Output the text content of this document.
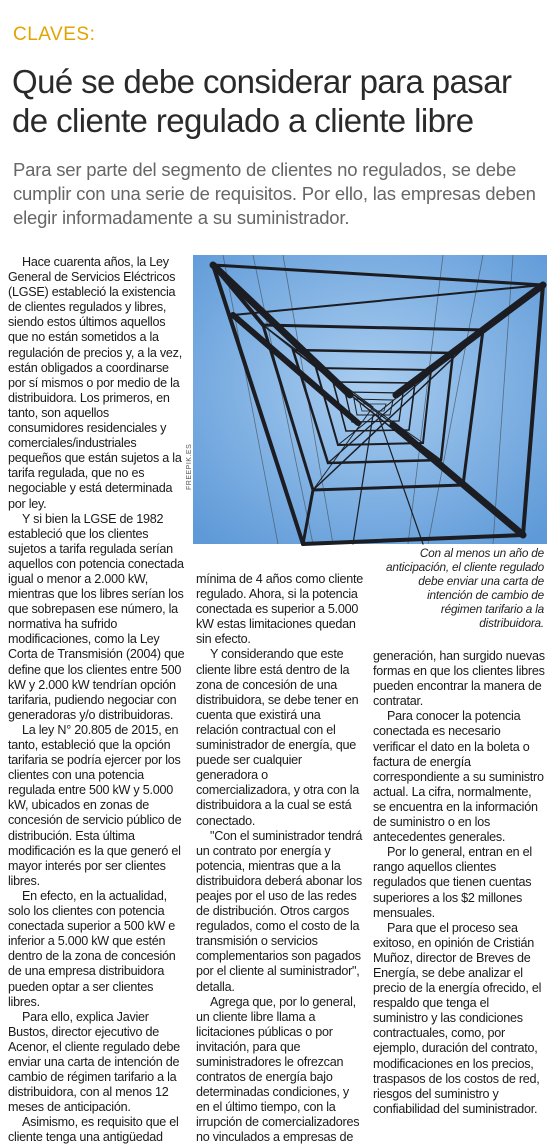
CLAVES:
Qué se debe considerar para pasar de cliente regulado a cliente libre

Para ser parte del segmento de clientes no regulados, se debe cumplir con una serie de requisitos. Por ello, las empresas deben elegir informadamente a su suministrador.

Hace cuarenta años, la Ley General de Servicios Eléctricos (LGSE) estableció la existencia de clientes regulados y libres, siendo estos últimos aquellos que no están sometidos a la regulación de precios y, a la vez, están obligados a coordinarse por sí mismos o por medio de la distribuidora. Los primeros, en tanto, son aquellos consumidores residenciales y comerciales/industriales pequeños que están sujetos a la tarifa regulada, que no es negociable y está determinada por ley.

Y si bien la LGSE de 1982 estableció que los clientes sujetos a tarifa regulada serían aquellos con potencia conectada igual o menor a 2.000 kW, mientras que los libres serían los que sobrepasen ese número, la normativa ha sufrido modificaciones, como la Ley Corta de Transmisión (2004) que define que los clientes entre 500 kW y 2.000 kW tendrían opción tarifaria, pudiendo negociar con generadoras y/o distribuidoras.

La ley N° 20.805 de 2015, en tanto, estableció que la opción tarifaria se podría ejercer por los clientes con una potencia regulada entre 500 kW y 5.000 kW, ubicados en zonas de concesión de servicio público de distribución. Esta última modificación es la que generó el mayor interés por ser clientes libres.

En efecto, en la actualidad, solo los clientes con potencia conectada superior a 500 kW e inferior a 5.000 kW que estén dentro de la zona de concesión de una empresa distribuidora pueden optar a ser clientes libres.

Para ello, explica Javier Bustos, director ejecutivo de Acenor, el cliente regulado debe enviar una carta de intención de cambio de régimen tarifario a la distribuidora, con al menos 12 meses de anticipación.

Asimismo, es requisito que el cliente tenga una antigüedad

FREEPIK.ES

Con al menos un año de anticipación, el cliente regulado debe enviar una carta de intención de cambio de régimen tarifario a la distribuidora.

mínima de 4 años como cliente regulado. Ahora, si la potencia conectada es superior a 5.000 kW estas limitaciones quedan sin efecto.

Y considerando que este cliente libre está dentro de la zona de concesión de una distribuidora, se debe tener en cuenta que existirá una relación contractual con el suministrador de energía, que puede ser cualquier generadora o comercializadora, y otra con la distribuidora a la cual se está conectado.

"Con el suministrador tendrá un contrato por energía y potencia, mientras que a la distribuidora deberá abonar los peajes por el uso de las redes de distribución. Otros cargos regulados, como el costo de la transmisión o servicios complementarios son pagados por el cliente al suministrador", detalla.

Agrega que, por lo general, un cliente libre llama a licitaciones públicas o por invitación, para que suministradores le ofrezcan contratos de energía bajo determinadas condiciones, y en el último tiempo, con la irrupción de comercializadores no vinculados a empresas de

generación, han surgido nuevas formas en que los clientes libres pueden encontrar la manera de contratar.

Para conocer la potencia conectada es necesario verificar el dato en la boleta o factura de energía correspondiente a su suministro actual. La cifra, normalmente, se encuentra en la información de suministro o en los antecedentes generales.

Por lo general, entran en el rango aquellos clientes regulados que tienen cuentas superiores a los $2 millones mensuales.

Para que el proceso sea exitoso, en opinión de Cristián Muñoz, director de Breves de Energía, se debe analizar el precio de la energía ofrecido, el respaldo que tenga el suministro y las condiciones contractuales, como, por ejemplo, duración del contrato, modificaciones en los precios, traspasos de los costos de red, riesgos del suministro y confiabilidad del suministrador.
